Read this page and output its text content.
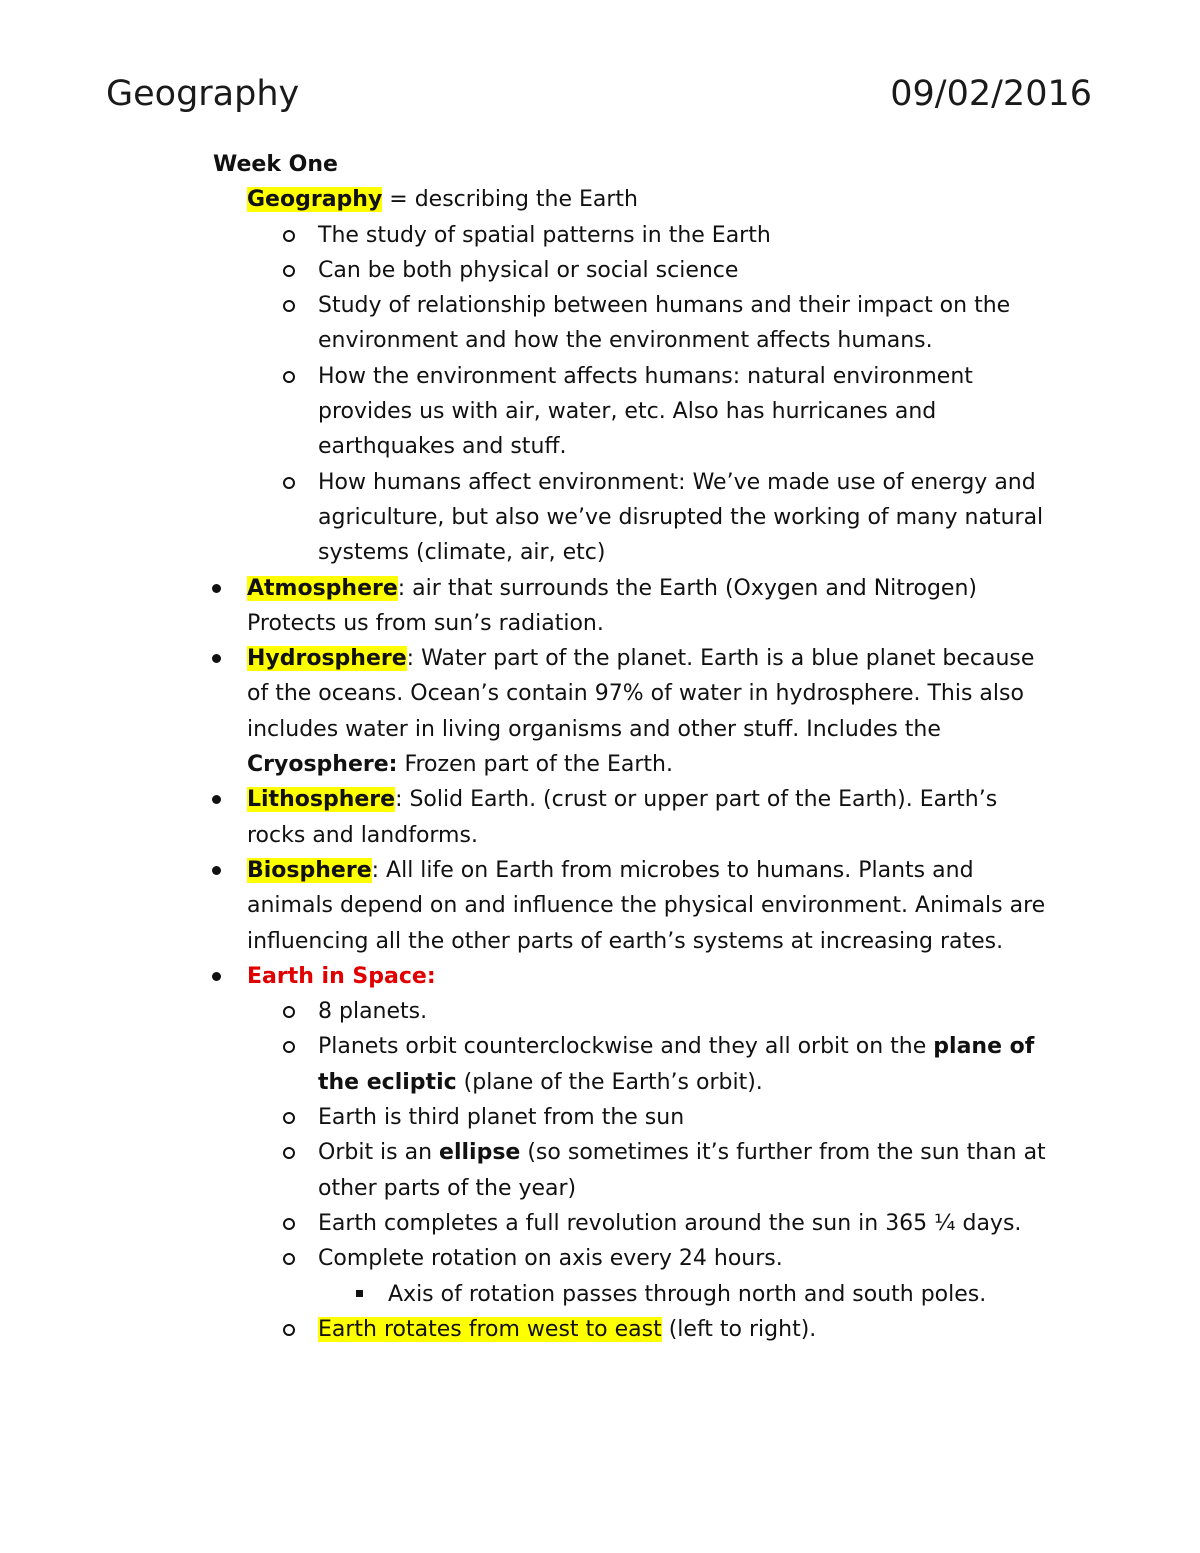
Geography	09/02/2016
Week One
Geography = describing the Earth
The study of spatial patterns in the Earth
Can be both physical or social science
Study of relationship between humans and their impact on the environment and how the environment affects humans.
How the environment affects humans: natural environment provides us with air, water, etc. Also has hurricanes and earthquakes and stuff.
How humans affect environment: We’ve made use of energy and agriculture, but also we’ve disrupted the working of many natural systems (climate, air, etc)
Atmosphere: air that surrounds the Earth (Oxygen and Nitrogen) Protects us from sun’s radiation.
Hydrosphere: Water part of the planet. Earth is a blue planet because of the oceans. Ocean’s contain 97% of water in hydrosphere. This also includes water in living organisms and other stuff. Includes the Cryosphere: Frozen part of the Earth.
Lithosphere: Solid Earth. (crust or upper part of the Earth). Earth’s rocks and landforms.
Biosphere: All life on Earth from microbes to humans. Plants and animals depend on and influence the physical environment. Animals are influencing all the other parts of earth’s systems at increasing rates.
Earth in Space:
8 planets.
Planets orbit counterclockwise and they all orbit on the plane of the ecliptic (plane of the Earth’s orbit).
Earth is third planet from the sun
Orbit is an ellipse (so sometimes it’s further from the sun than at other parts of the year)
Earth completes a full revolution around the sun in 365 ¼ days.
Complete rotation on axis every 24 hours.
Axis of rotation passes through north and south poles.
Earth rotates from west to east (left to right).
